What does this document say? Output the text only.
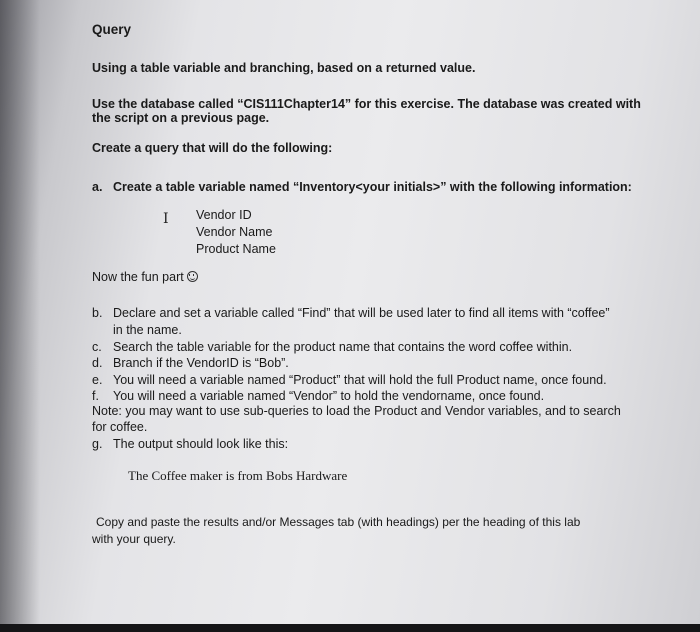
Query
Using a table variable and branching, based on a returned value.
Use the database called “CIS111Chapter14” for this exercise. The database was created with
the script on a previous page.
Create a query that will do the following:
a. Create a table variable named “Inventory<your initials>” with the following information:
I Vendor ID
Vendor Name
Product Name
Now the fun part
b. Declare and set a variable called “Find” that will be used later to find all items with “coffee”
in the name.
c. Search the table variable for the product name that contains the word coffee within.
d. Branch if the VendorID is “Bob”.
e. You will need a variable named “Product” that will hold the full Product name, once found.
f. You will need a variable named “Vendor” to hold the vendorname, once found.
Note: you may want to use sub-queries to load the Product and Vendor variables, and to search
for coffee.
g. The output should look like this:
The Coffee maker is from Bobs Hardware
Copy and paste the results and/or Messages tab (with headings) per the heading of this lab
with your query.
